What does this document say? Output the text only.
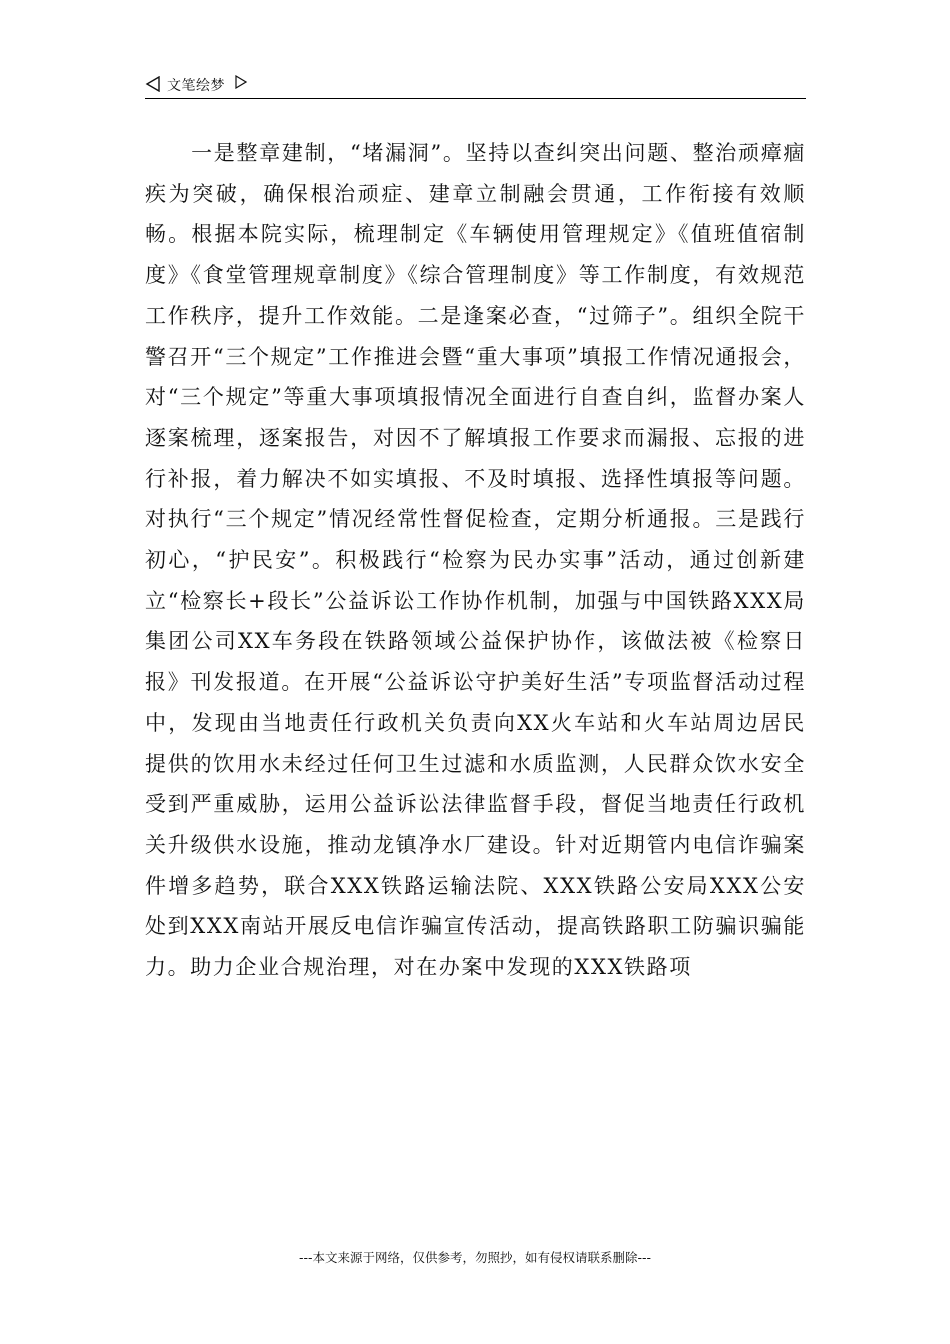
文笔绘梦

一是整章建制，“堵漏洞”。坚持以查纠突出问题、整治顽瘴痼疾为突破，确保根治顽症、建章立制融会贯通，工作衔接有效顺畅。根据本院实际，梳理制定《车辆使用管理规定》《值班值宿制度》《食堂管理规章制度》《综合管理制度》等工作制度，有效规范工作秩序，提升工作效能。二是逢案必查，“过筛子”。组织全院干警召开“三个规定”工作推进会暨“重大事项”填报工作情况通报会，对“三个规定”等重大事项填报情况全面进行自查自纠，监督办案人逐案梳理，逐案报告，对因不了解填报工作要求而漏报、忘报的进行补报，着力解决不如实填报、不及时填报、选择性填报等问题。对执行“三个规定”情况经常性督促检查，定期分析通报。三是践行初心，“护民安”。积极践行“检察为民办实事”活动，通过创新建立“检察长+段长”公益诉讼工作协作机制，加强与中国铁路XXX局集团公司XX车务段在铁路领域公益保护协作，该做法被《检察日报》刊发报道。在开展“公益诉讼守护美好生活”专项监督活动过程中，发现由当地责任行政机关负责向XX火车站和火车站周边居民提供的饮用水未经过任何卫生过滤和水质监测，人民群众饮水安全受到严重威胁，运用公益诉讼法律监督手段，督促当地责任行政机关升级供水设施，推动龙镇净水厂建设。针对近期管内电信诈骗案件增多趋势，联合XXX铁路运输法院、XXX铁路公安局XXX公安处到XXX南站开展反电信诈骗宣传活动，提高铁路职工防骗识骗能力。助力企业合规治理，对在办案中发现的XXX铁路项

---本文来源于网络，仅供参考，勿照抄，如有侵权请联系删除---
